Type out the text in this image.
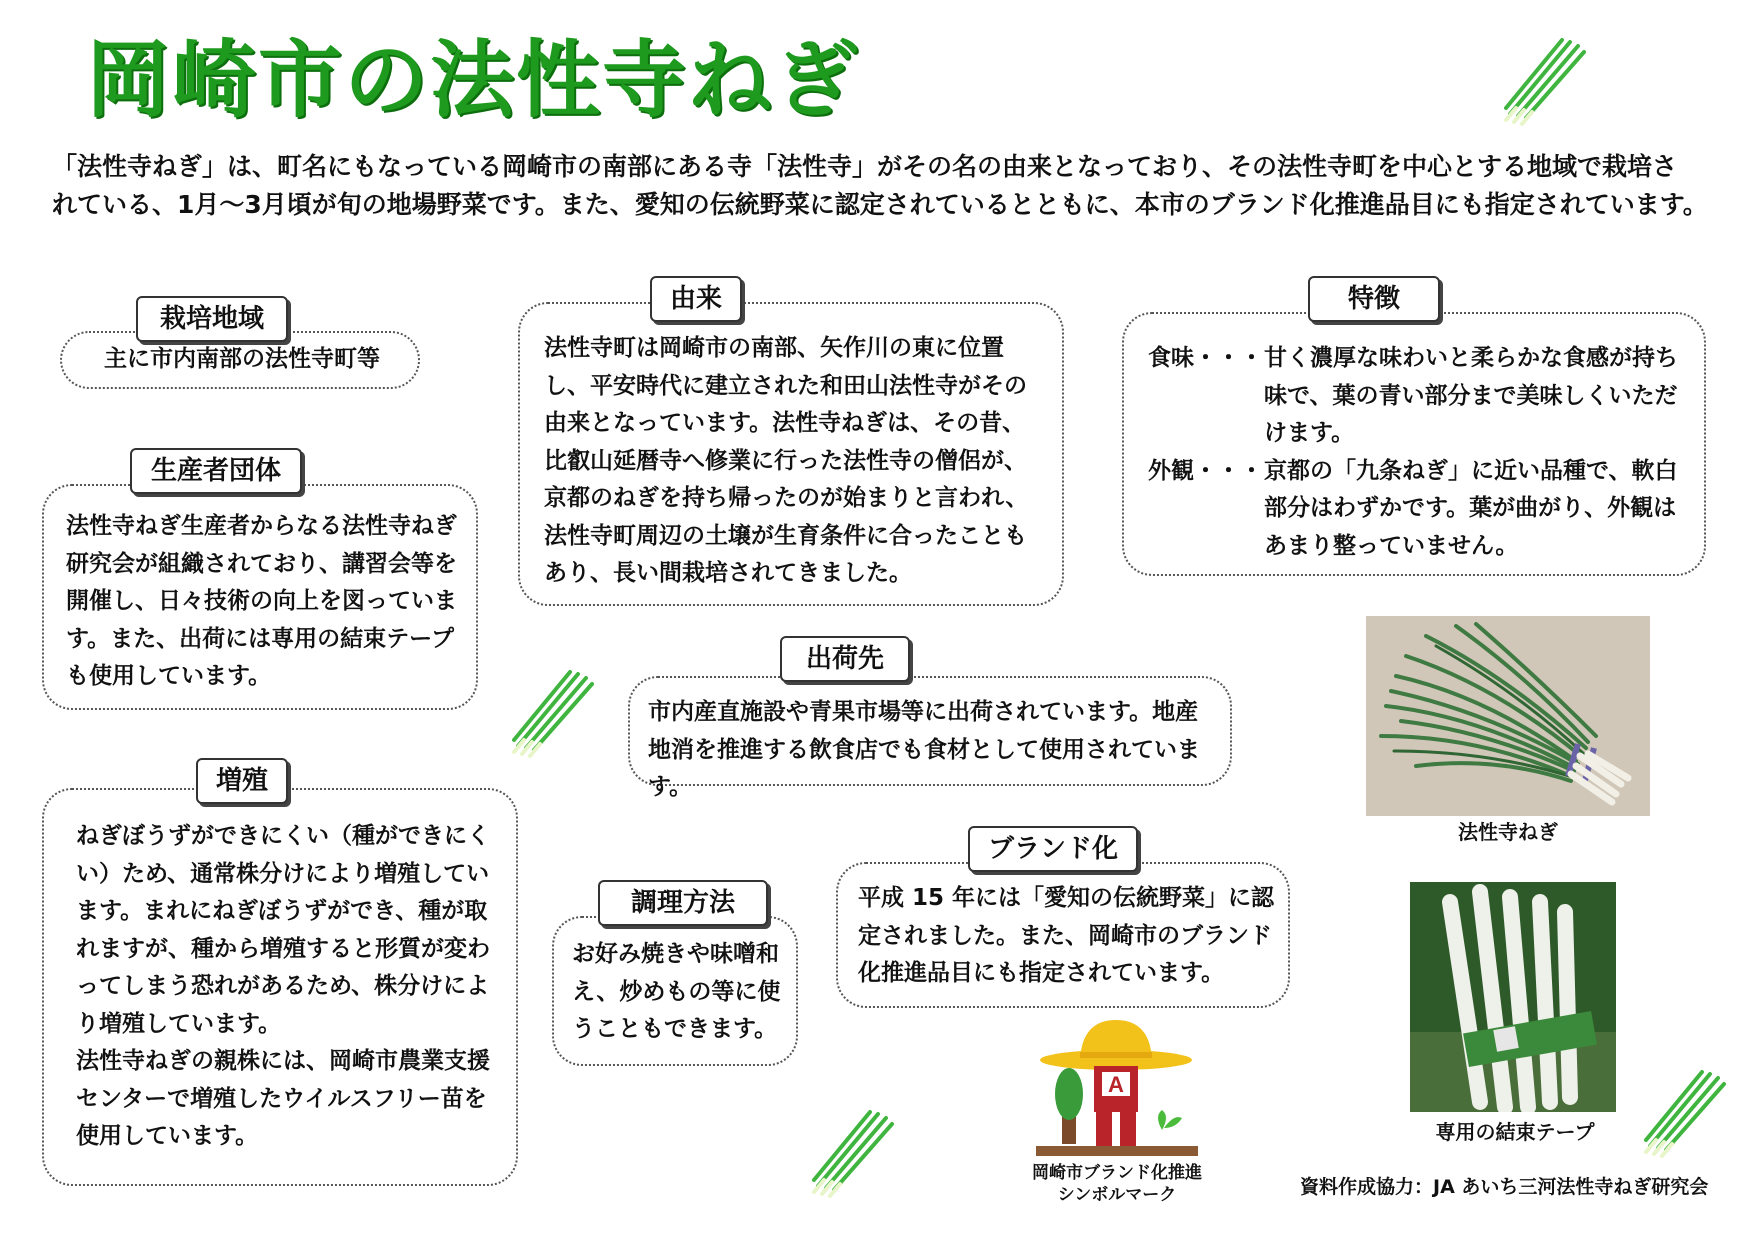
岡崎市の法性寺ねぎ

「法性寺ねぎ」は、町名にもなっている岡崎市の南部にある寺「法性寺」がその名の由来となっており、その法性寺町を中心とする地域で栽培さ

れている、1月～3月頃が旬の地場野菜です。また、愛知の伝統野菜に認定されているとともに、本市のブランド化推進品目にも指定されています。

主に市内南部の法性寺町等
栽培地域
法性寺ねぎ生産者からなる法性寺ねぎ研究会が組織されており、講習会等を開催し、日々技術の向上を図っています。また、出荷には専用の結束テープも使用しています。
生産者団体
ねぎぼうずができにくい（種ができにくい）ため、通常株分けにより増殖しています。まれにねぎぼうずができ、種が取れますが、種から増殖すると形質が変わってしまう恐れがあるため、株分けにより増殖しています。
法性寺ねぎの親株には、岡崎市農業支援センターで増殖したウイルスフリー苗を使用しています。
増殖
法性寺町は岡崎市の南部、矢作川の東に位置し、平安時代に建立された和田山法性寺がその由来となっています。法性寺ねぎは、その昔、比叡山延暦寺へ修業に行った法性寺の僧侶が、京都のねぎを持ち帰ったのが始まりと言われ、法性寺町周辺の土壌が生育条件に合ったこともあり、長い間栽培されてきました。
由来
食味・・・ 甘く濃厚な味わいと柔らかな食感が持ち味で、葉の青い部分まで美味しくいただけます。
外観・・・ 京都の「九条ねぎ」に近い品種で、軟白部分はわずかです。葉が曲がり、外観はあまり整っていません。
特徴
市内産直施設や青果市場等に出荷されています。地産地消を推進する飲食店でも食材として使用されています。
出荷先
お好み焼きや味噌和え、炒めもの等に使うこともできます。
調理方法	平成 15 年には「愛知の伝統野菜」に認定されました。また、岡崎市のブランド化推進品目にも指定されています。
ブランド化
法性寺ねぎ
専用の結束テープ
A
岡崎市ブランド化推進
シンボルマーク	資料作成協力：JA あいち三河法性寺ねぎ研究会
